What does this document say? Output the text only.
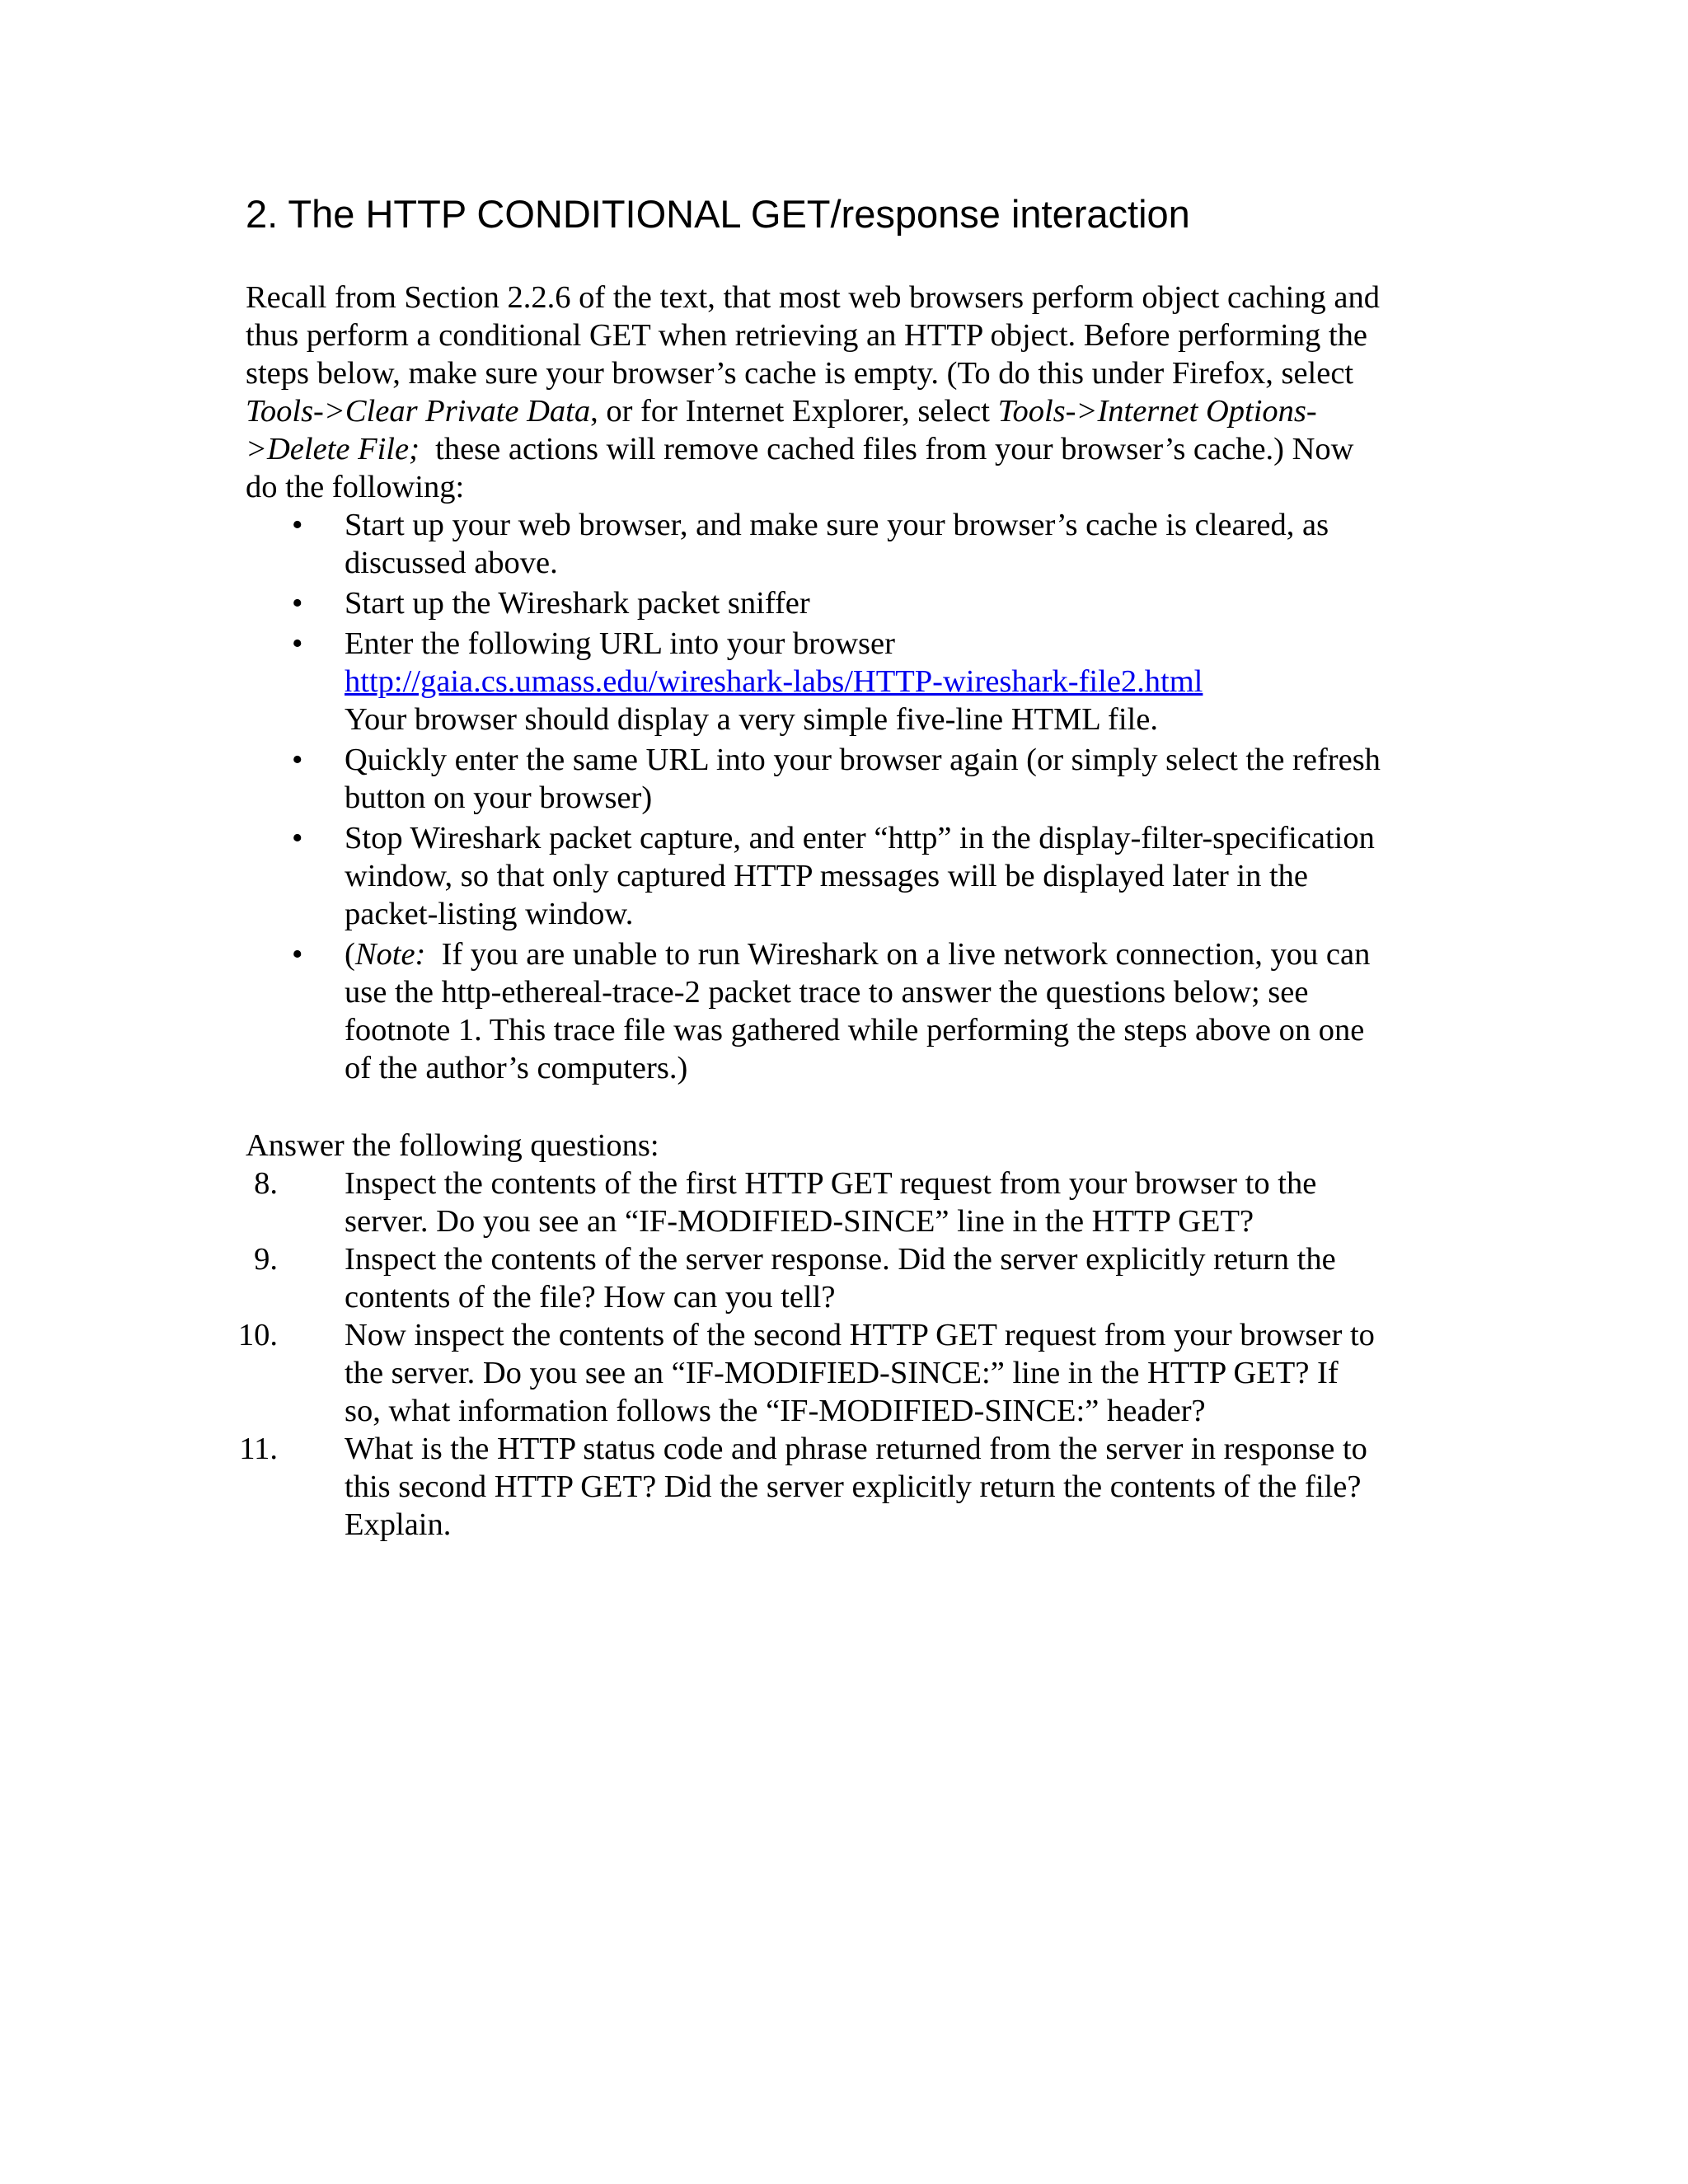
2. The HTTP CONDITIONAL GET/response interaction
Recall from Section 2.2.6 of the text, that most web browsers perform object caching and
thus perform a conditional GET when retrieving an HTTP object. Before performing the
steps below, make sure your browser’s cache is empty. (To do this under Firefox, select
Tools->Clear Private Data, or for Internet Explorer, select Tools->Internet Options-
>Delete File;  these actions will remove cached files from your browser’s cache.) Now
do the following:
• Start up your web browser, and make sure your browser’s cache is cleared, as
discussed above.
• Start up the Wireshark packet sniffer
• Enter the following URL into your browser
http://gaia.cs.umass.edu/wireshark-labs/HTTP-wireshark-file2.html
Your browser should display a very simple five-line HTML file.
• Quickly enter the same URL into your browser again (or simply select the refresh
button on your browser)
• Stop Wireshark packet capture, and enter “http” in the display-filter-specification
window, so that only captured HTTP messages will be displayed later in the
packet-listing window.
• (Note:  If you are unable to run Wireshark on a live network connection, you can
use the http-ethereal-trace-2 packet trace to answer the questions below; see
footnote 1. This trace file was gathered while performing the steps above on one
of the author’s computers.)
Answer the following questions:
8. Inspect the contents of the first HTTP GET request from your browser to the
server. Do you see an “IF-MODIFIED-SINCE” line in the HTTP GET?
9. Inspect the contents of the server response. Did the server explicitly return the
contents of the file? How can you tell?
10. Now inspect the contents of the second HTTP GET request from your browser to
the server. Do you see an “IF-MODIFIED-SINCE:” line in the HTTP GET? If
so, what information follows the “IF-MODIFIED-SINCE:” header?
11. What is the HTTP status code and phrase returned from the server in response to
this second HTTP GET? Did the server explicitly return the contents of the file?
Explain.
